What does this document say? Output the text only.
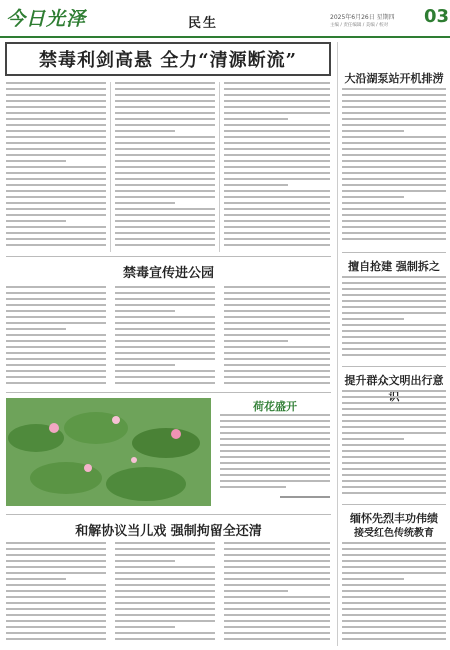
今日光泽	民生	2025年6月26日 星期四
主编 / 责任编辑 / 美编 / 校对 03
禁毒利剑高悬 全力“清源断流”
禁毒宣传进公园
荷花盛开
和解协议当儿戏 强制拘留全还清
大沿湖泵站开机排涝
擅自抢建 强制拆之
提升群众文明出行意识
缅怀先烈丰功伟绩
接受红色传统教育
